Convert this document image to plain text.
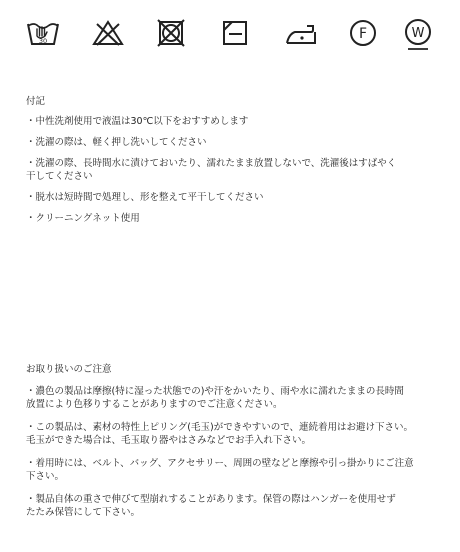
30	F	W

付記

・中性洗剤使用で液温は30℃以下をおすすめします

・洗濯の際は、軽く押し洗いしてください

・洗濯の際、長時間水に漬けておいたり、濡れたまま放置しないで、洗濯後はすばやく

干してください

・脱水は短時間で処理し、形を整えて平干してください

・クリーニングネット使用

お取り扱いのご注意

・濃色の製品は摩擦(特に湿った状態での)や汗をかいたり、雨や水に濡れたままの長時間

放置により色移りすることがありますのでご注意ください。

・この製品は、素材の特性上ピリング(毛玉)ができやすいので、連続着用はお避け下さい。

毛玉ができた場合は、毛玉取り器やはさみなどでお手入れ下さい。

・着用時には、ベルト、バッグ、アクセサリー、周囲の壁などと摩擦や引っ掛かりにご注意

下さい。

・製品自体の重さで伸びて型崩れすることがあります。保管の際はハンガーを使用せず

たたみ保管にして下さい。
